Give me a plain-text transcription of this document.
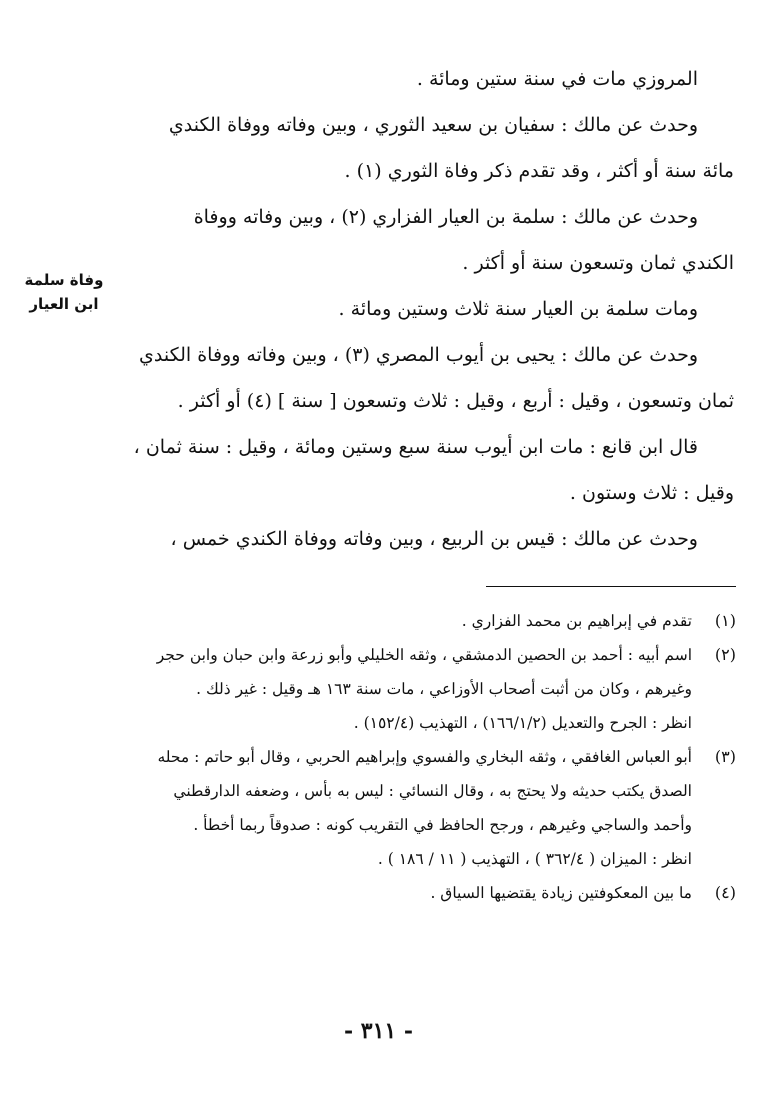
المروزي مات في سنة ستين ومائة .
وحدث عن مالك : سفيان بن سعيد الثوري ، وبين وفاته ووفاة الكندي
مائة سنة أو أكثر ، وقد تقدم ذكر وفاة الثوري (١) .
وحدث عن مالك : سلمة بن العيار الفزاري (٢) ، وبين وفاته ووفاة
الكندي ثمان وتسعون سنة أو أكثر .
ومات سلمة بن العيار سنة ثلاث وستين ومائة .
وحدث عن مالك : يحيى بن أيوب المصري (٣) ، وبين وفاته ووفاة الكندي
ثمان وتسعون ، وقيل : أربع ، وقيل : ثلاث وتسعون [ سنة ] (٤) أو أكثر .
قال ابن قانع : مات ابن أيوب سنة سبع وستين ومائة ، وقيل : سنة ثمان ،
وقيل : ثلاث وستون .
وحدث عن مالك : قيس بن الربيع ، وبين وفاته ووفاة الكندي خمس ،
وفاة سلمة
ابن العيار
(١)
تقدم في إبراهيم بن محمد الفزاري .
(٢)
اسم أبيه : أحمد بن الحصين الدمشقي ، وثقه الخليلي وأبو زرعة وابن حبان وابن حجر
وغيرهم ، وكان من أثبت أصحاب الأوزاعي ، مات سنة ١٦٣ هـ وقيل : غير ذلك .
انظر : الجرح والتعديل (١٦٦/١/٢) ، التهذيب (١٥٢/٤) .
(٣)
أبو العباس الغافقي ، وثقه البخاري والفسوي وإبراهيم الحربي ، وقال أبو حاتم : محله
الصدق يكتب حديثه ولا يحتج به ، وقال النسائي : ليس به بأس ، وضعفه الدارقطني
وأحمد والساجي وغيرهم ، ورجح الحافظ في التقريب كونه : صدوقاً ربما أخطأ .
انظر : الميزان ( ٣٦٢/٤ ) ، التهذيب ( ١١ / ١٨٦ ) .
(٤)
ما بين المعكوفتين زيادة يقتضيها السياق .
- ٣١١ -
